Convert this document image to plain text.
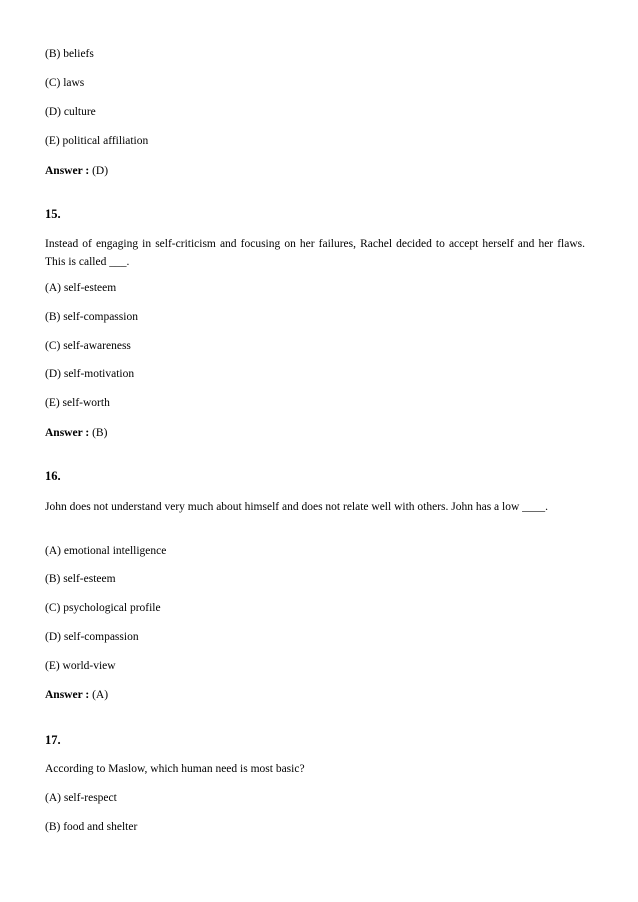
(B) beliefs
(C) laws
(D) culture
(E) political affiliation
Answer : (D)
15.
Instead of engaging in self-criticism and focusing on her failures, Rachel decided to accept herself and her flaws. This is called ___.
(A) self-esteem
(B) self-compassion
(C) self-awareness
(D) self-motivation
(E) self-worth
Answer : (B)
16.
John does not understand very much about himself and does not relate well with others. John has a low ____.
(A) emotional intelligence
(B) self-esteem
(C) psychological profile
(D) self-compassion
(E) world-view
Answer : (A)
17.
According to Maslow, which human need is most basic?
(A) self-respect
(B) food and shelter
